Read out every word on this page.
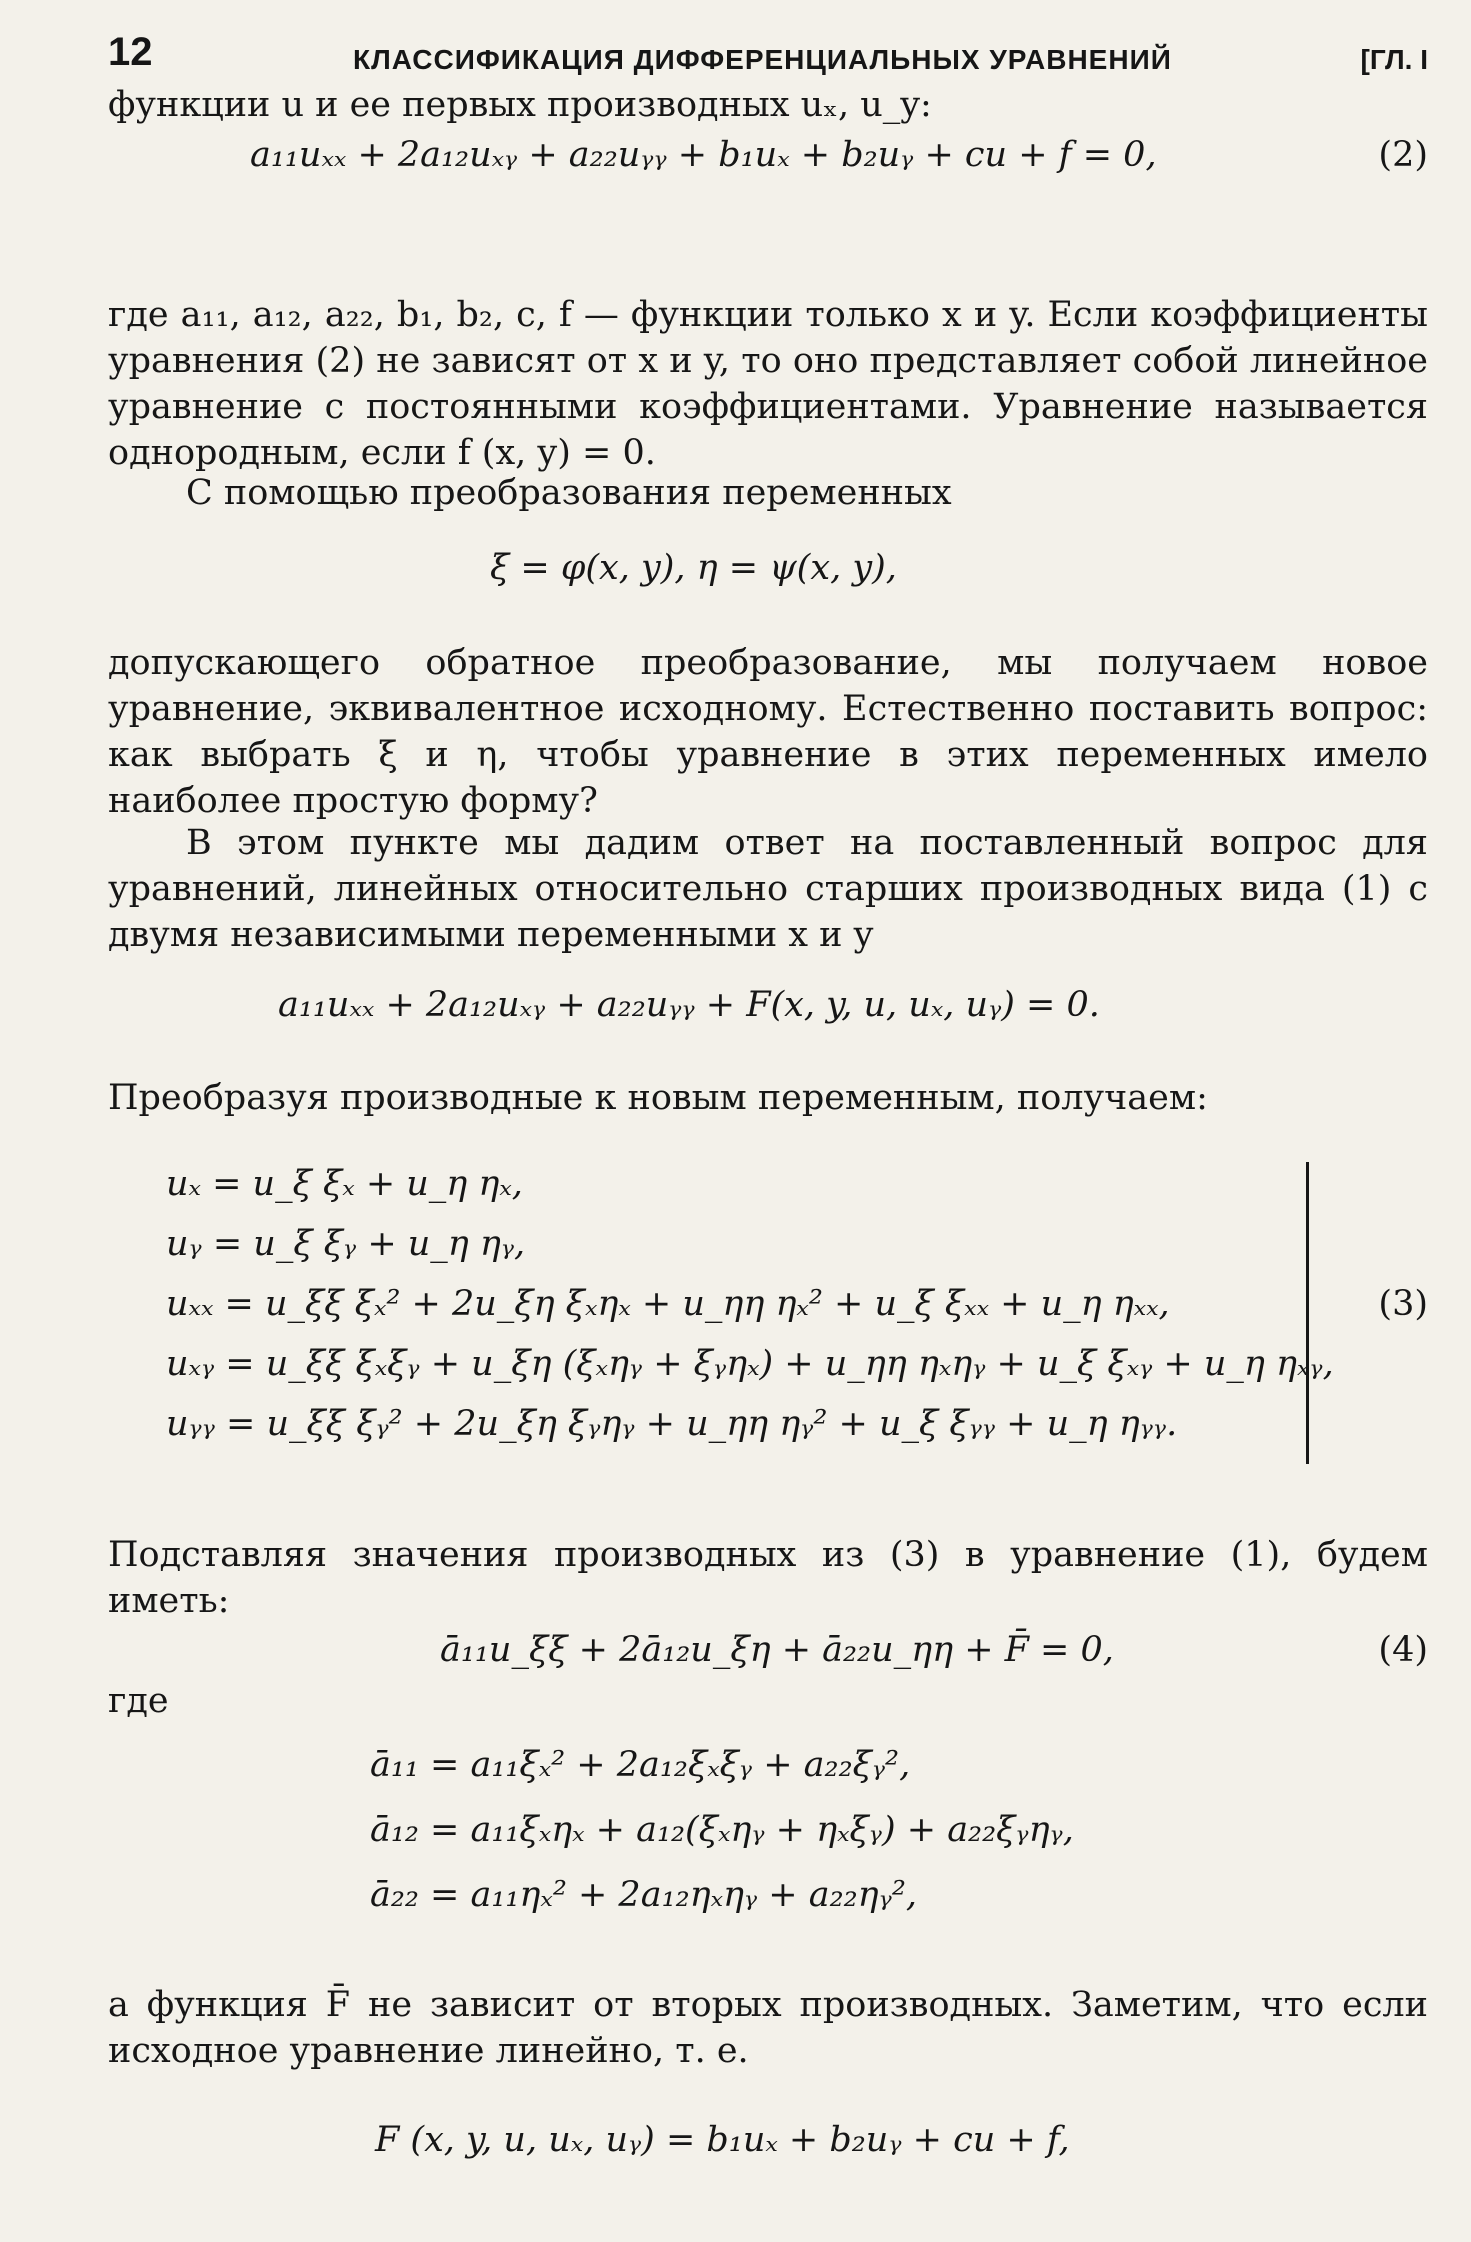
12	КЛАССИФИКАЦИЯ ДИФФЕРЕНЦИАЛЬНЫХ УРАВНЕНИЙ	[ГЛ. I

функции u и ее первых производных uₓ, u_y:

a₁₁uₓₓ + 2a₁₂uₓᵧ + a₂₂uᵧᵧ + b₁uₓ + b₂uᵧ + cu + f = 0,	(2)

где a₁₁, a₁₂, a₂₂, b₁, b₂, c, f — функции только x и y. Если коэффициенты уравнения (2) не зависят от x и y, то оно представляет собой линейное уравнение с постоянными коэффициентами. Уравнение называется однородным, если f (x, y) = 0.

С помощью преобразования переменных

ξ = φ(x, y), η = ψ(x, y),

допускающего обратное преобразование, мы получаем новое уравнение, эквивалентное исходному. Естественно поставить вопрос: как выбрать ξ и η, чтобы уравнение в этих переменных имело наиболее простую форму?

В этом пункте мы дадим ответ на поставленный вопрос для уравнений, линейных относительно старших производных вида (1) с двумя независимыми переменными x и y

a₁₁uₓₓ + 2a₁₂uₓᵧ + a₂₂uᵧᵧ + F(x, y, u, uₓ, uᵧ) = 0.

Преобразуя производные к новым переменным, получаем:

uₓ = u_ξ ξₓ + u_η ηₓ,
uᵧ = u_ξ ξᵧ + u_η ηᵧ,
uₓₓ = u_ξξ ξₓ² + 2u_ξη ξₓηₓ + u_ηη ηₓ² + u_ξ ξₓₓ + u_η ηₓₓ,
uₓᵧ = u_ξξ ξₓξᵧ + u_ξη (ξₓηᵧ + ξᵧηₓ) + u_ηη ηₓηᵧ + u_ξ ξₓᵧ + u_η ηₓᵧ,
uᵧᵧ = u_ξξ ξᵧ² + 2u_ξη ξᵧηᵧ + u_ηη ηᵧ² + u_ξ ξᵧᵧ + u_η ηᵧᵧ.
(3)

Подставляя значения производных из (3) в уравнение (1), будем иметь:

ā₁₁u_ξξ + 2ā₁₂u_ξη + ā₂₂u_ηη + F̄ = 0,	(4)

где

ā₁₁ = a₁₁ξₓ² + 2a₁₂ξₓξᵧ + a₂₂ξᵧ²,
ā₁₂ = a₁₁ξₓηₓ + a₁₂(ξₓηᵧ + ηₓξᵧ) + a₂₂ξᵧηᵧ,
ā₂₂ = a₁₁ηₓ² + 2a₁₂ηₓηᵧ + a₂₂ηᵧ²,

а функция F̄ не зависит от вторых производных. Заметим, что если исходное уравнение линейно, т. е.

F (x, y, u, uₓ, uᵧ) = b₁uₓ + b₂uᵧ + cu + f,
